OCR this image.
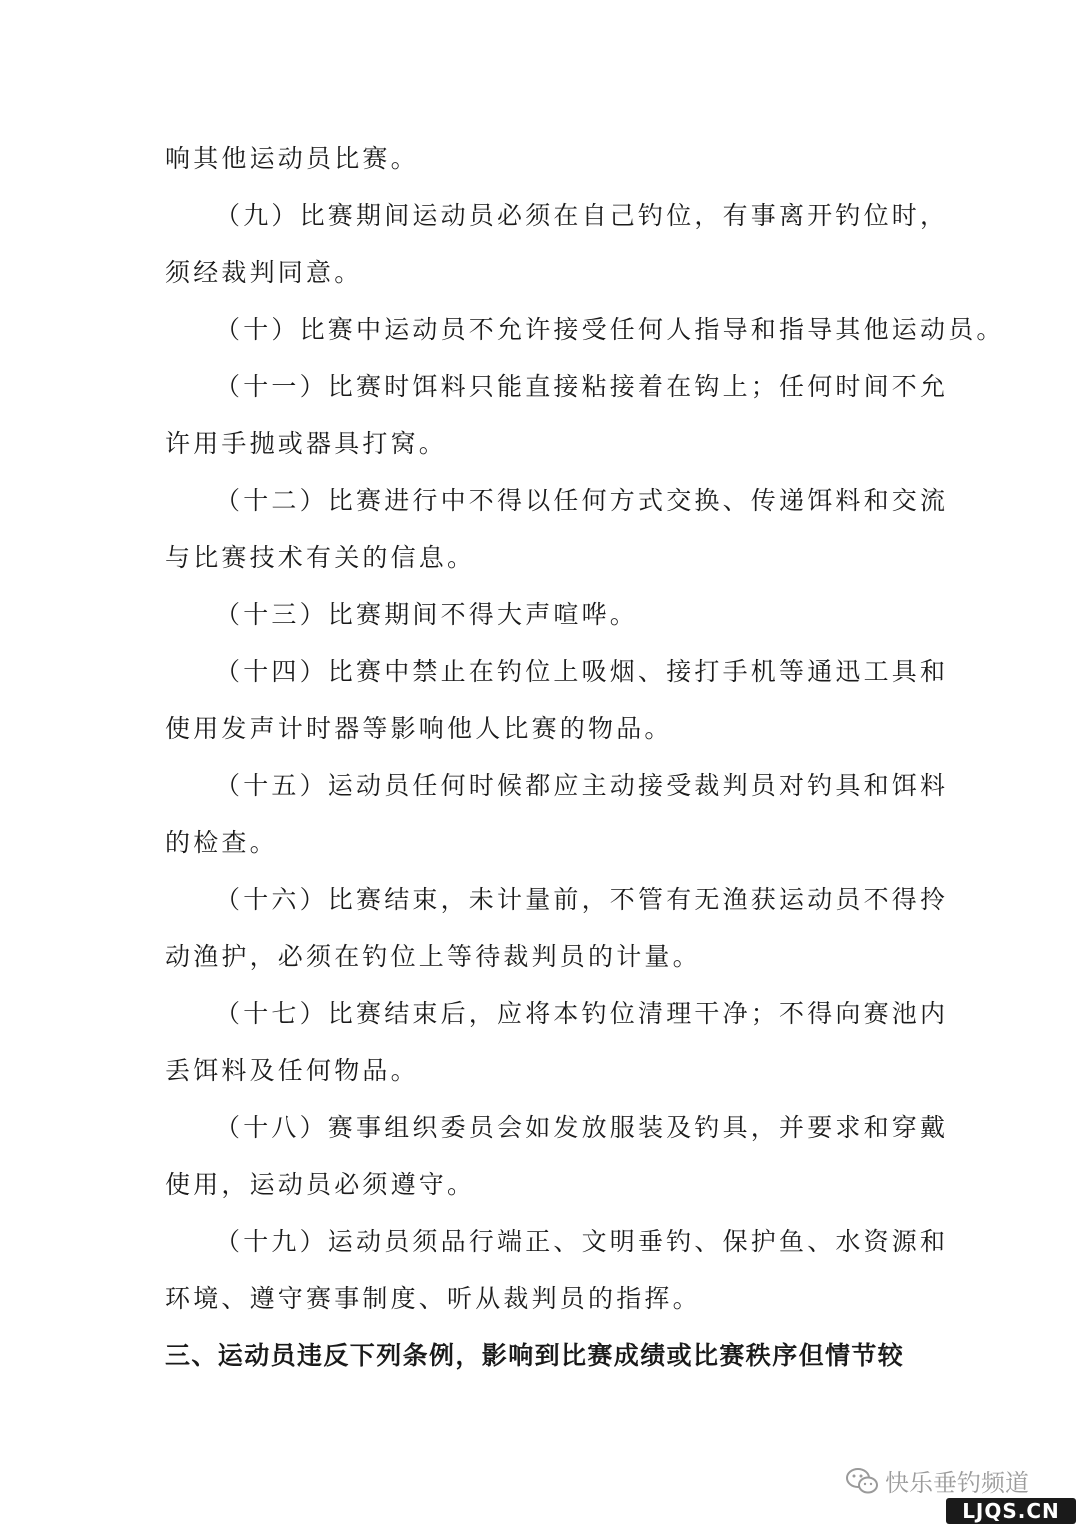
响其他运动员比赛。
（九）比赛期间运动员必须在自己钓位，有事离开钓位时，
须经裁判同意。
（十）比赛中运动员不允许接受任何人指导和指导其他运动员。
（十一）比赛时饵料只能直接粘接着在钩上；任何时间不允
许用手抛或器具打窝。
（十二）比赛进行中不得以任何方式交换、传递饵料和交流
与比赛技术有关的信息。
（十三）比赛期间不得大声喧哗。
（十四）比赛中禁止在钓位上吸烟、接打手机等通迅工具和
使用发声计时器等影响他人比赛的物品。
（十五）运动员任何时候都应主动接受裁判员对钓具和饵料
的检查。
（十六）比赛结束，未计量前，不管有无渔获运动员不得拎
动渔护，必须在钓位上等待裁判员的计量。
（十七）比赛结束后，应将本钓位清理干净；不得向赛池内
丢饵料及任何物品。
（十八）赛事组织委员会如发放服装及钓具，并要求和穿戴
使用，运动员必须遵守。
（十九）运动员须品行端正、文明垂钓、保护鱼、水资源和
环境、遵守赛事制度、听从裁判员的指挥。
三、运动员违反下列条例，影响到比赛成绩或比赛秩序但情节较
快乐垂钓频道
LJQS.CN
